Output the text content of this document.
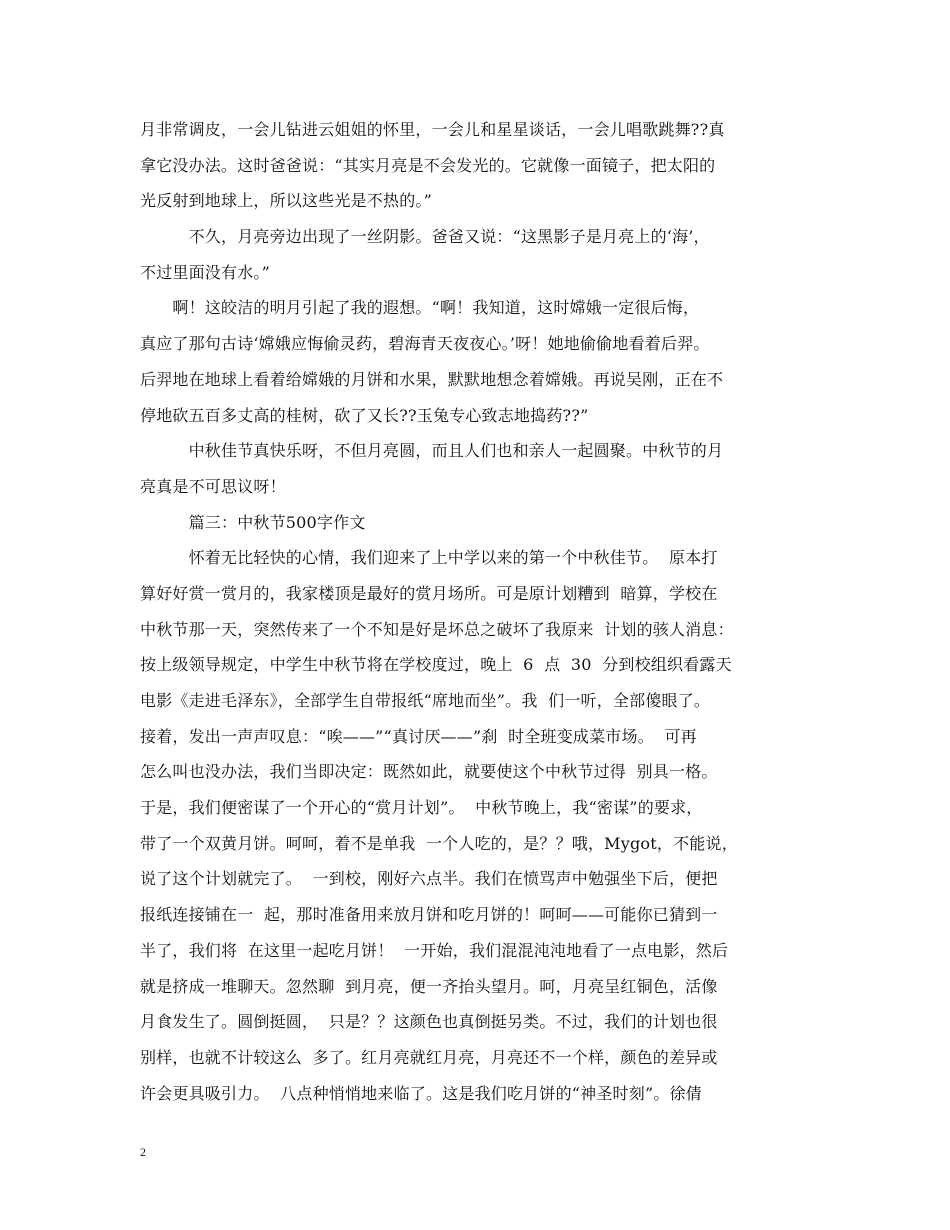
月非常调皮，一会儿钻进云姐姐的怀里，一会儿和星星谈话，一会儿唱歌跳舞??真
拿它没办法。这时爸爸说：“其实月亮是不会发光的。它就像一面镜子，把太阳的
光反射到地球上，所以这些光是不热的。”
　　　不久，月亮旁边出现了一丝阴影。爸爸又说：“这黑影子是月亮上的‘海’，
不过里面没有水。”
　　啊！这皎洁的明月引起了我的遐想。“啊！我知道，这时嫦娥一定很后悔，
真应了那句古诗‘嫦娥应悔偷灵药，碧海青天夜夜心。’呀！她地偷偷地看着后羿。
后羿地在地球上看着给嫦娥的月饼和水果，默默地想念着嫦娥。再说吴刚，正在不
停地砍五百多丈高的桂树，砍了又长??玉兔专心致志地捣药??”
　　　中秋佳节真快乐呀，不但月亮圆，而且人们也和亲人一起圆聚。中秋节的月
亮真是不可思议呀！
　　　篇三：中秋节500字作文
　　　怀着无比轻快的心情，我们迎来了上中学以来的第一个中秋佳节。  原本打
算好好赏一赏月的，我家楼顶是最好的赏月场所。可是原计划糟到  暗算，学校在
中秋节那一天，突然传来了一个不知是好是坏总之破坏了我原来  计划的骇人消息：
按上级领导规定，中学生中秋节将在学校度过，晚上  6  点  30  分到校组织看露天
电影《走进毛泽东》，全部学生自带报纸“席地而坐”。我  们一听，全部傻眼了。
接着，发出一声声叹息：“唉——”“真讨厌——”刹  时全班变成菜市场。  可再
怎么叫也没办法，我们当即决定：既然如此，就要使这个中秋节过得  别具一格。
于是，我们便密谋了一个开心的“赏月计划”。  中秋节晚上，我“密谋”的要求，
带了一个双黄月饼。呵呵，着不是单我  一个人吃的，是？？哦，Mygot，不能说，
说了这个计划就完了。  一到校，刚好六点半。我们在愤骂声中勉强坐下后，便把
报纸连接铺在一  起，那时准备用来放月饼和吃月饼的！呵呵——可能你已猜到一
半了，我们将  在这里一起吃月饼！  一开始，我们混混沌沌地看了一点电影，然后
就是挤成一堆聊天。忽然聊  到月亮，便一齐抬头望月。呵，月亮呈红铜色，活像
月食发生了。圆倒挺圆，  只是？？这颜色也真倒挺另类。不过，我们的计划也很
别样，也就不计较这么  多了。红月亮就红月亮，月亮还不一个样，颜色的差异或
许会更具吸引力。  八点种悄悄地来临了。这是我们吃月饼的“神圣时刻”。徐倩
2
